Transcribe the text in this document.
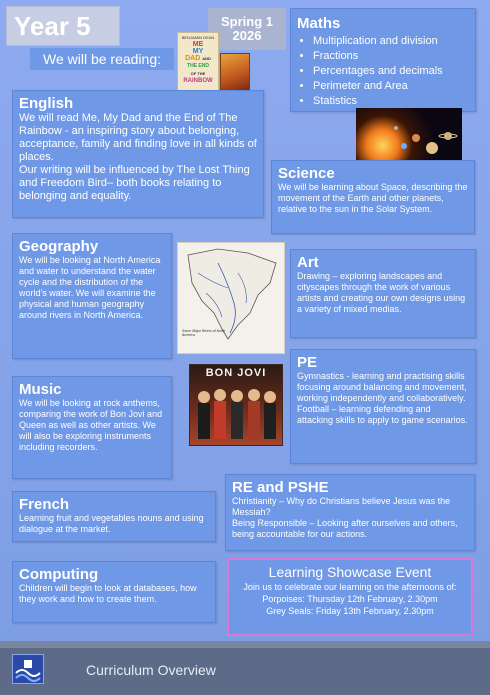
Year 5
We will be reading:
Spring 1
2026
BENJAMIN DEAN
ME
MY
DAD AND
THE END
OF THE
RAINBOW
Maths
• Multiplication and division
• Fractions
• Percentages and decimals
• Perimeter and Area
• Statistics
English
We will read Me, My Dad and the End of The Rainbow - an inspiring story about belonging, acceptance, family and finding love in all kinds of places.
Our writing will be influenced by The Lost Thing and Freedom Bird– both books relating to belonging and equality.
Science
We will be learning about Space, describing the movement of the Earth and other planets, relative to the sun in the Solar System.
Geography
We will be looking at North America and water to understand the water cycle and the distribution of the world's water. We will examine the physical and human geography around rivers in North America.
Some Major Rivers of North America
Art
Drawing – exploring landscapes and cityscapes through the work of various artists and creating our own designs using a variety of mixed medias.
BON JOVI
Music
We will be looking at rock anthems, comparing the work of Bon Jovi and Queen as well as other artists. We will also be exploring instruments including recorders.
PE
Gymnastics - learning and practising skills focusing around balancing and movement, working independently and collaboratively. Football – learning defending and attacking skills to apply to game scenarios.
RE and PSHE
Christianity – Why do Christians believe Jesus was the Messiah?
Being Responsible – Looking after ourselves and others, being accountable for our actions.
French
Learning fruit and vegetables nouns and using dialogue at the market.
Computing
Children will begin to look at databases, how they work and how to create them.
Learning Showcase Event
Join us to celebrate our learning on the afternoons of:
Porpoises: Thursday 12th February, 2.30pm
Grey Seals: Friday 13th February, 2.30pm
Curriculum Overview
